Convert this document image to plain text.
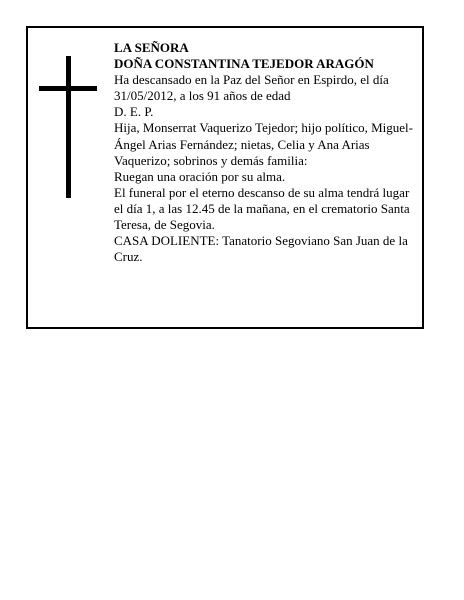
LA SEÑORA

DOÑA CONSTANTINA TEJEDOR ARAGÓN

Ha descansado en la Paz del Señor en Espirdo, el día 31/05/2012, a los 91 años de edad

D. E. P.

Hija, Monserrat Vaquerizo Tejedor; hijo político, Miguel-Ángel Arias Fernández; nietas, Celia y Ana Arias Vaquerizo; sobrinos y demás familia:

Ruegan una oración por su alma.

El funeral por el eterno descanso de su alma tendrá lugar el día 1, a las 12.45 de la mañana, en el crematorio Santa Teresa, de Segovia.

CASA DOLIENTE: Tanatorio Segoviano San Juan de la Cruz.
